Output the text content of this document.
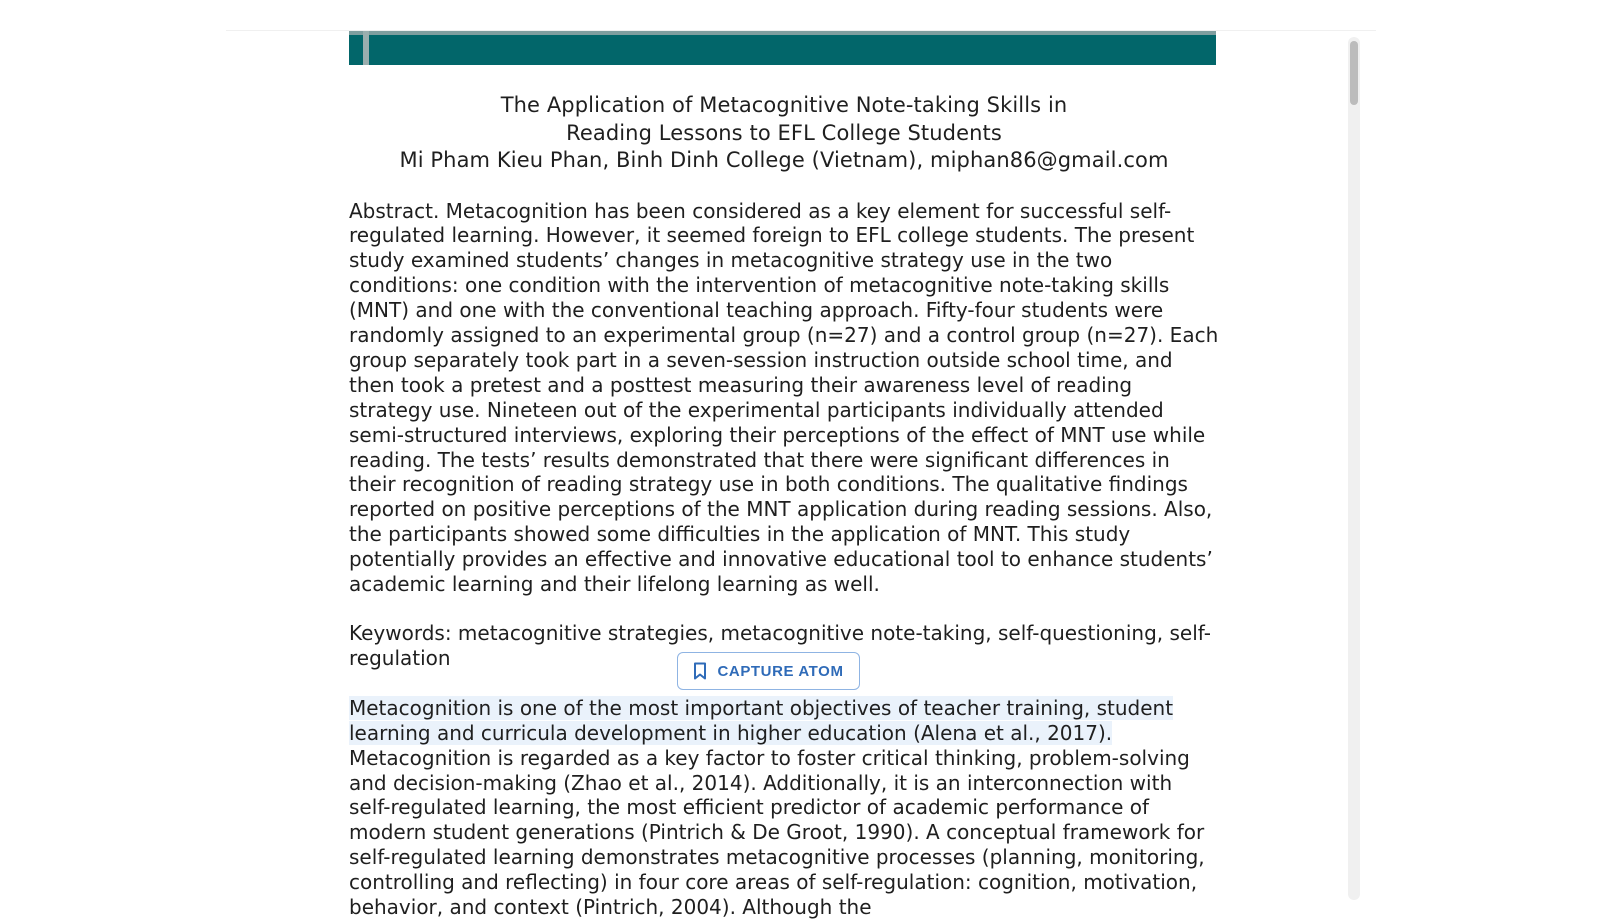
The Application of Metacognitive Note-taking Skills in
Reading Lessons to EFL College Students
Mi Pham Kieu Phan, Binh Dinh College (Vietnam), miphan86@gmail.com
Abstract. Metacognition has been considered as a key element for successful self-regulated learning. However, it seemed foreign to EFL college students. The present study examined students’ changes in metacognitive strategy use in the two conditions: one condition with the intervention of metacognitive note-taking skills (MNT) and one with the conventional teaching approach. Fifty-four students were randomly assigned to an experimental group (n=27) and a control group (n=27). Each group separately took part in a seven-session instruction outside school time, and then took a pretest and a posttest measuring their awareness level of reading strategy use. Nineteen out of the experimental participants individually attended semi-structured interviews, exploring their perceptions of the effect of MNT use while reading. The tests’ results demonstrated that there were significant differences in their recognition of reading strategy use in both conditions. The qualitative findings reported on positive perceptions of the MNT application during reading sessions. Also, the participants showed some difficulties in the application of MNT. This study potentially provides an effective and innovative educational tool to enhance students’ academic learning and their lifelong learning as well.
Keywords: metacognitive strategies, metacognitive note-taking, self-questioning, self-regulation
Metacognition is one of the most important objectives of teacher training, student learning and curricula development in higher education (Alena et al., 2017). Metacognition is regarded as a key factor to foster critical thinking, problem-solving and decision-making (Zhao et al., 2014). Additionally, it is an interconnection with self-regulated learning, the most efficient predictor of academic performance of modern student generations (Pintrich & De Groot, 1990). A conceptual framework for self-regulated learning demonstrates metacognitive processes (planning, monitoring, controlling and reflecting) in four core areas of self-regulation: cognition, motivation, behavior, and context (Pintrich, 2004). Although the
CAPTURE ATOM
